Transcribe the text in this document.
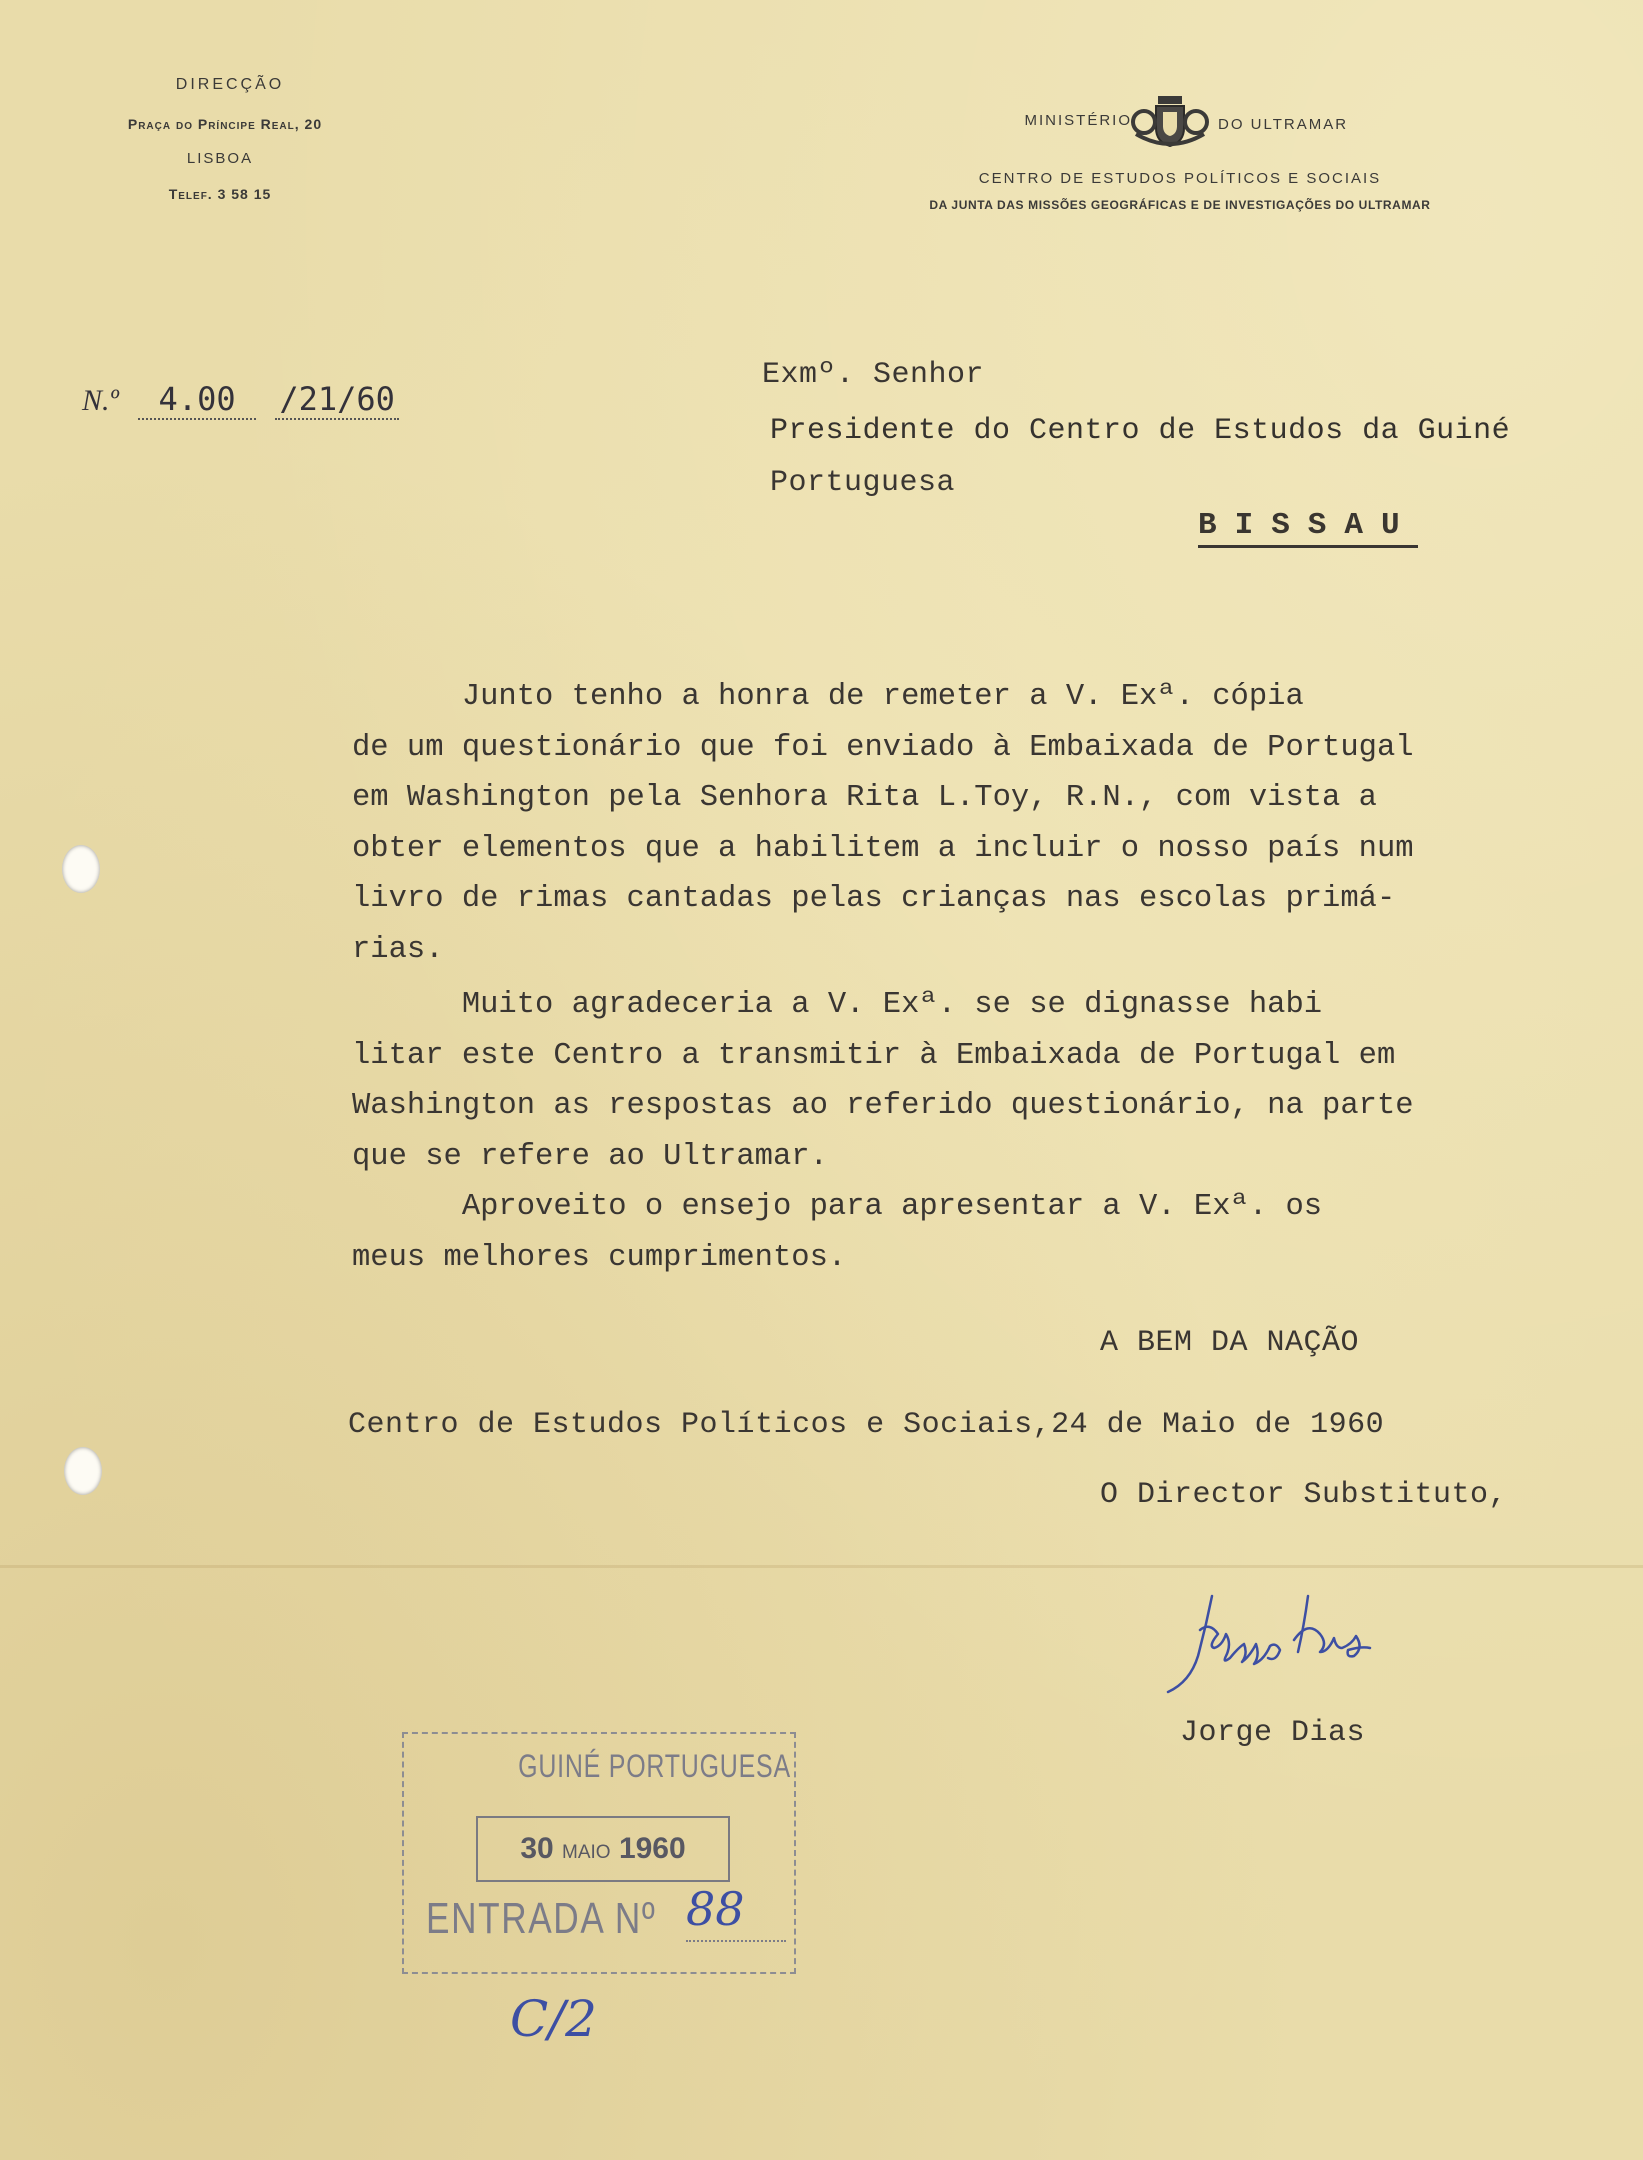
DIRECÇÃO
Praça do Príncipe Real, 20
LISBOA
Telef. 3 58 15
MINISTÉRIO	DO ULTRAMAR
CENTRO DE ESTUDOS POLÍTICOS E SOCIAIS
DA JUNTA DAS MISSÕES GEOGRÁFICAS E DE INVESTIGAÇÕES DO ULTRAMAR
N.º 4.00 /21/60
Exmº. Senhor
Presidente do Centro de Estudos da Guiné
Portuguesa
BISSAU
Junto tenho a honra de remeter a V. Exª. cópia
de um questionário que foi enviado à Embaixada de Portugal
em Washington pela Senhora Rita L.Toy, R.N., com vista a
obter elementos que a habilitem a incluir o nosso país num
livro de rimas cantadas pelas crianças nas escolas primá-
rias.
Muito agradeceria a V. Exª. se se dignasse habi
litar este Centro a transmitir à Embaixada de Portugal em
Washington as respostas ao referido questionário, na parte
que se refere ao Ultramar.
Aproveito o ensejo para apresentar a V. Exª. os
meus melhores cumprimentos.
A BEM DA NAÇÃO
Centro de Estudos Políticos e Sociais,24 de Maio de 1960
O Director Substituto,
Jorge Dias
GUINÉ PORTUGUESA
30 MAIO 1960
ENTRADA Nº 88
C/2
